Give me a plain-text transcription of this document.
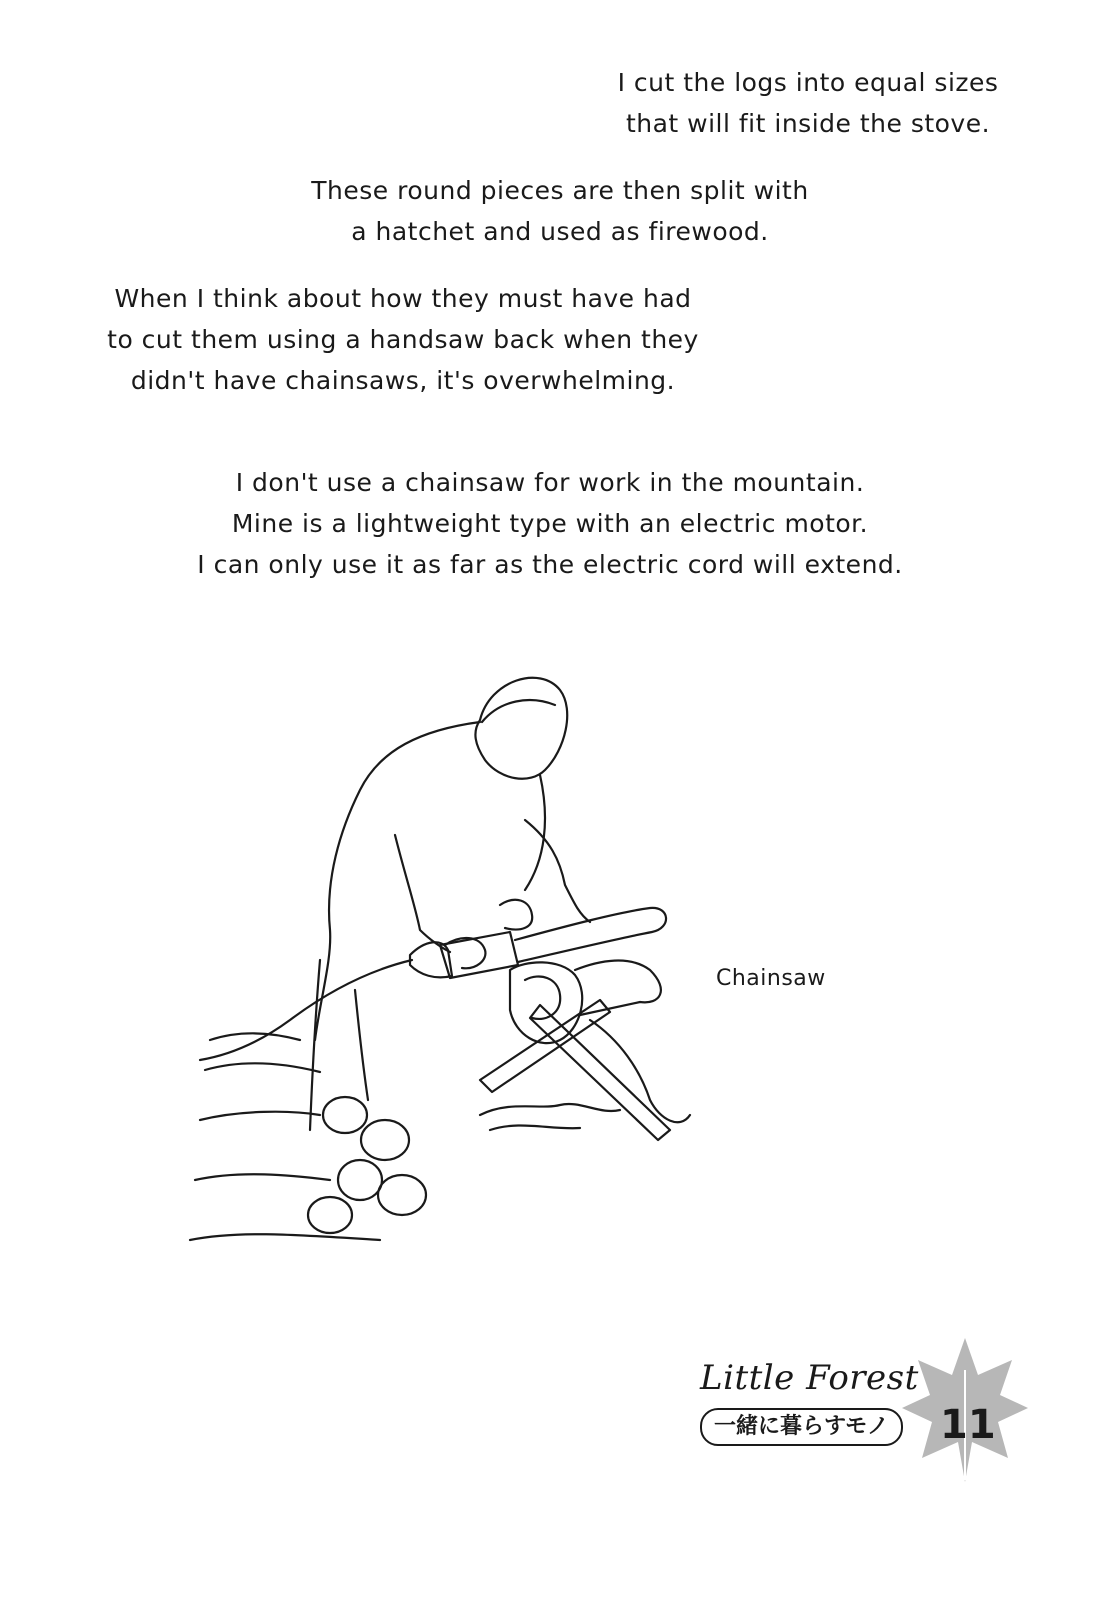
I cut the logs into equal sizes
that will fit inside the stove.
These round pieces are then split with
a hatchet and used as firewood.
When I think about how they must have had
to cut them using a handsaw back when they
didn't have chainsaws, it's overwhelming.
I don't use a chainsaw for work in the mountain.
Mine is a lightweight type with an electric motor.
I can only use it as far as the electric cord will extend.
Chainsaw
Little Forest
一緒に暮らすモノ	11
